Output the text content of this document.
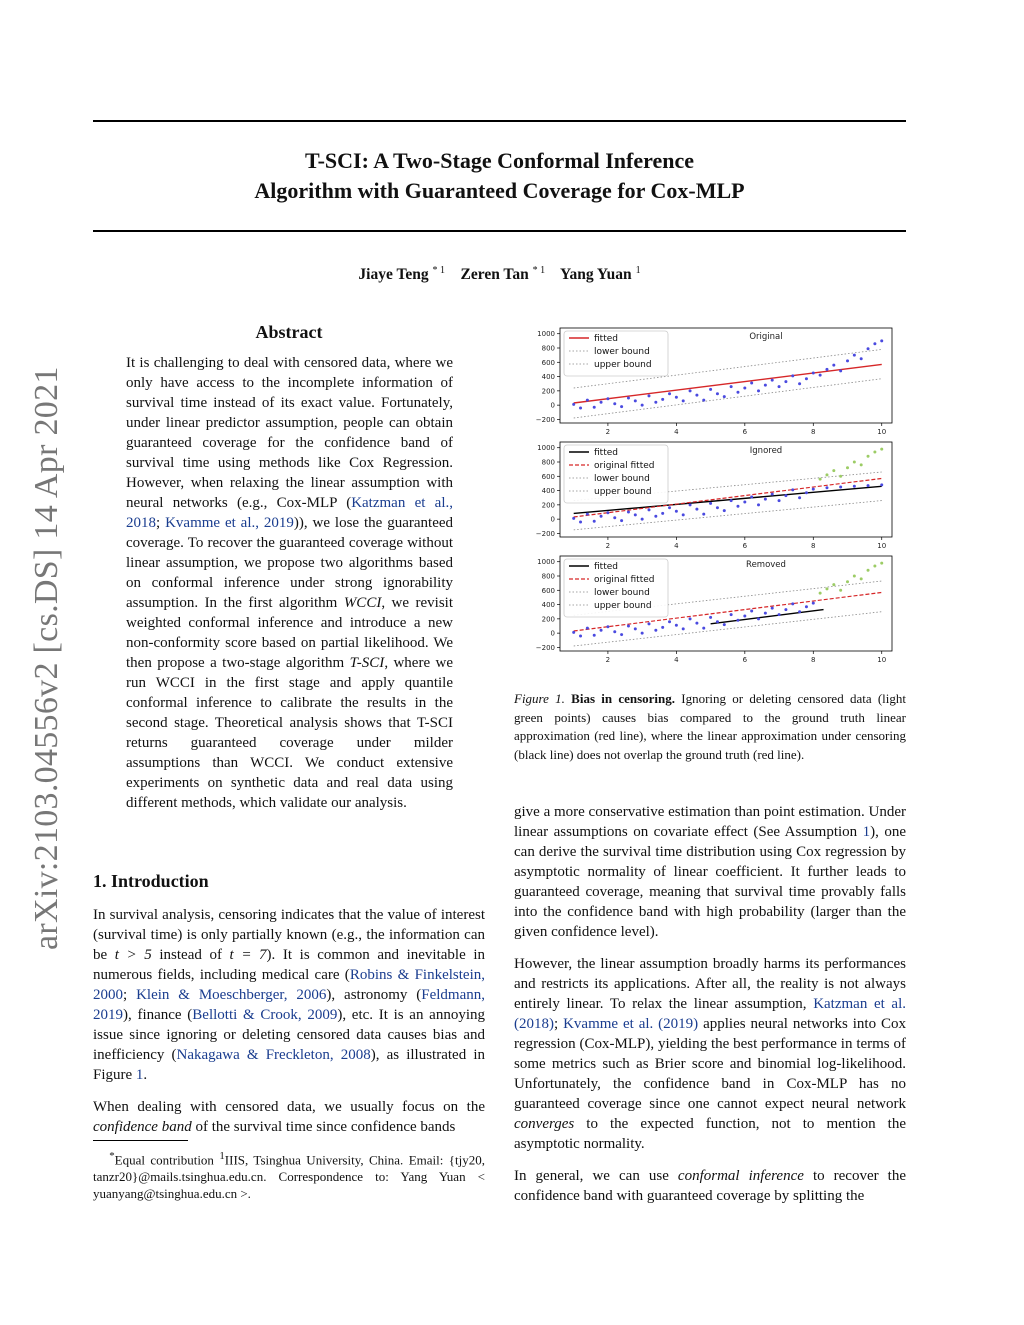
T-SCI: A Two-Stage Conformal Inference
Algorithm with Guaranteed Coverage for Cox-MLP
Jiaye Teng $^{* 1}$ Zeren Tan $^{* 1}$ Yang Yuan $^1$
arXiv:2103.04556v2 [cs.DS] 14 Apr 2021
Abstract
It is challenging to deal with censored data, where we only have access to the incomplete information of survival time instead of its exact value. Fortunately, under linear predictor assumption, people can obtain guaranteed coverage for the confidence band of survival time using methods like Cox Regression. However, when relaxing the linear assumption with neural networks (e.g., Cox-MLP (Katzman et al., 2018; Kvamme et al., 2019)), we lose the guaranteed coverage. To recover the guaranteed coverage without linear assumption, we propose two algorithms based on conformal inference under strong ignorability assumption. In the first algorithm WCCI, we revisit weighted conformal inference and introduce a new non-conformity score based on partial likelihood. We then propose a two-stage algorithm T-SCI, where we run WCCI in the first stage and apply quantile conformal inference to calibrate the results in the second stage. Theoretical analysis shows that T-SCI returns guaranteed coverage under milder assumptions than WCCI. We conduct extensive experiments on synthetic data and real data using different methods, which validate our analysis.
1. Introduction

In survival analysis, censoring indicates that the value of interest (survival time) is only partially known (e.g., the information can be t > 5 instead of t = 7). It is common and inevitable in numerous fields, including medical care (Robins & Finkelstein, 2000; Klein & Moeschberger, 2006), astronomy (Feldmann, 2019), finance (Bellotti & Crook, 2009), etc. It is an annoying issue since ignoring or deleting censored data causes bias and inefficiency (Nakagawa & Freckleton, 2008), as illustrated in Figure 1.

When dealing with censored data, we usually focus on the confidence band of the survival time since confidence bands

*Equal contribution $^1$IIIS, Tsinghua University, China. Email: {tjy20, tanzr20}@mails.tsinghua.edu.cn. Correspondence to: Yang Yuan < yuanyang@tsinghua.edu.cn >.
1000
800
600
400
200
0
−200
2	4	6	8	10
Original
fitted
lower bound
upper bound
1000
800
600
400
200
0
−200
2	4	6	8	10
Ignored
fitted
original fitted
lower bound
upper bound
1000
800
600
400
200
0
−200
2	4	6	8	10
Removed
fitted
original fitted
lower bound
upper bound
Figure 1. Bias in censoring. Ignoring or deleting censored data (light green points) causes bias compared to the ground truth linear approximation (red line), where the linear approximation under censoring (black line) does not overlap the ground truth (red line).

give a more conservative estimation than point estimation. Under linear assumptions on covariate effect (See Assumption 1), one can derive the survival time distribution using Cox regression by asymptotic normality of linear coefficient. It further leads to guaranteed coverage, meaning that survival time provably falls into the confidence band with high probability (larger than the given confidence level).

However, the linear assumption broadly harms its performances and restricts its applications. After all, the reality is not always entirely linear. To relax the linear assumption, Katzman et al. (2018); Kvamme et al. (2019) applies neural networks into Cox regression (Cox-MLP), yielding the best performance in terms of some metrics such as Brier score and binomial log-likelihood. Unfortunately, the confidence band in Cox-MLP has no guaranteed coverage since one cannot expect neural network converges to the expected function, not to mention the asymptotic normality.

In general, we can use conformal inference to recover the confidence band with guaranteed coverage by splitting the
